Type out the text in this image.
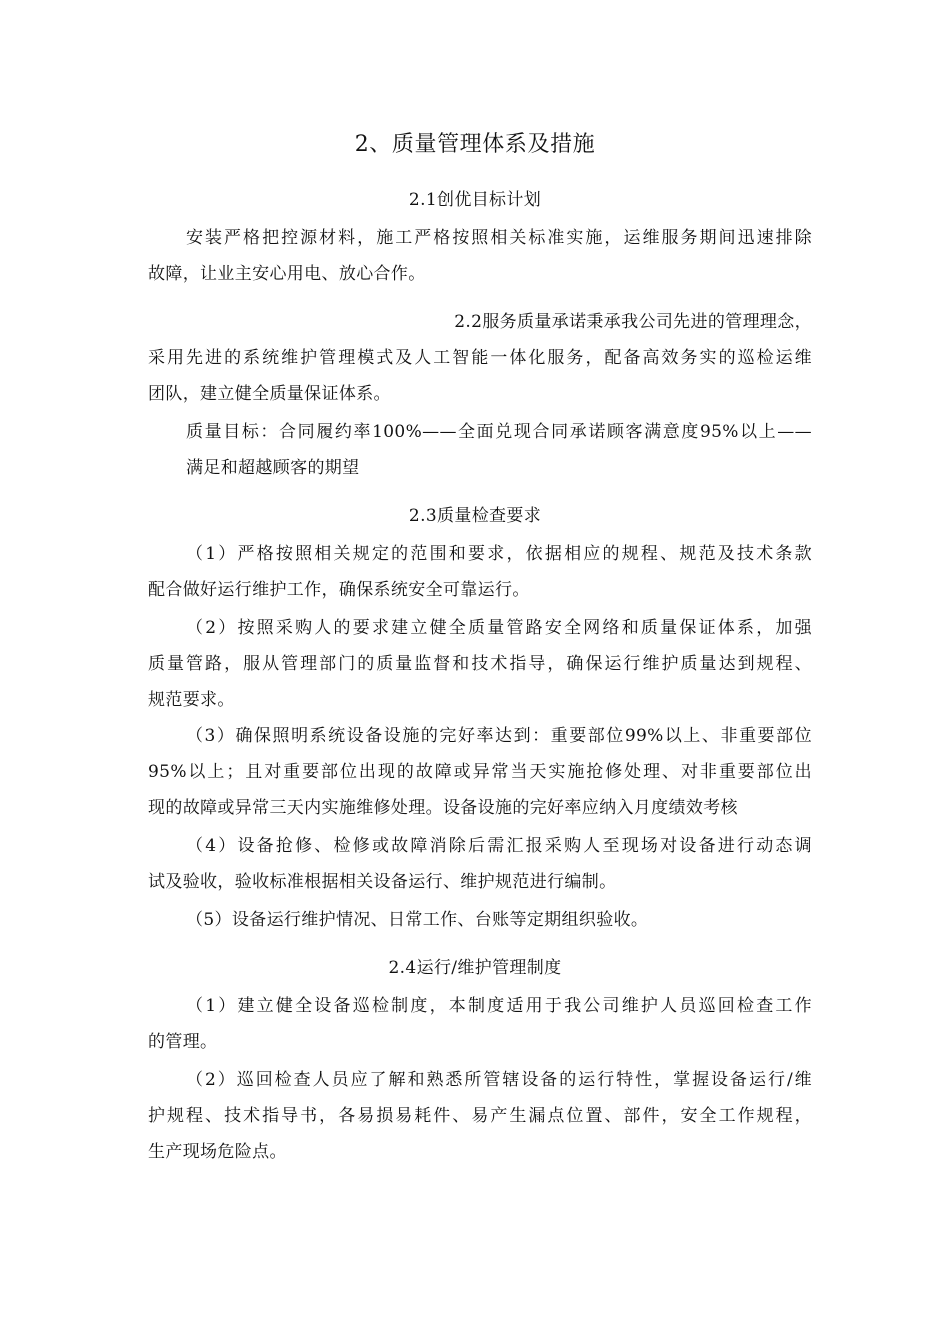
2、质量管理体系及措施
2.1创优目标计划
安装严格把控源材料，施工严格按照相关标准实施，运维服务期间迅速排除
故障，让业主安心用电、放心合作。
2.2服务质量承诺秉承我公司先进的管理理念，
采用先进的系统维护管理模式及人工智能一体化服务，配备高效务实的巡检运维
团队，建立健全质量保证体系。
质量目标：合同履约率100%——全面兑现合同承诺顾客满意度95%以上——
满足和超越顾客的期望
2.3质量检查要求
（1）严格按照相关规定的范围和要求，依据相应的规程、规范及技术条款
配合做好运行维护工作，确保系统安全可靠运行。
（2）按照采购人的要求建立健全质量管路安全网络和质量保证体系，加强
质量管路，服从管理部门的质量监督和技术指导，确保运行维护质量达到规程、
规范要求。
（3）确保照明系统设备设施的完好率达到：重要部位99%以上、非重要部位
95%以上；且对重要部位出现的故障或异常当天实施抢修处理、对非重要部位出
现的故障或异常三天内实施维修处理。设备设施的完好率应纳入月度绩效考核
（4）设备抢修、检修或故障消除后需汇报采购人至现场对设备进行动态调
试及验收，验收标准根据相关设备运行、维护规范进行编制。
（5）设备运行维护情况、日常工作、台账等定期组织验收。
2.4运行/维护管理制度
（1）建立健全设备巡检制度，本制度适用于我公司维护人员巡回检查工作
的管理。
（2）巡回检查人员应了解和熟悉所管辖设备的运行特性，掌握设备运行/维
护规程、技术指导书，各易损易耗件、易产生漏点位置、部件，安全工作规程，
生产现场危险点。
